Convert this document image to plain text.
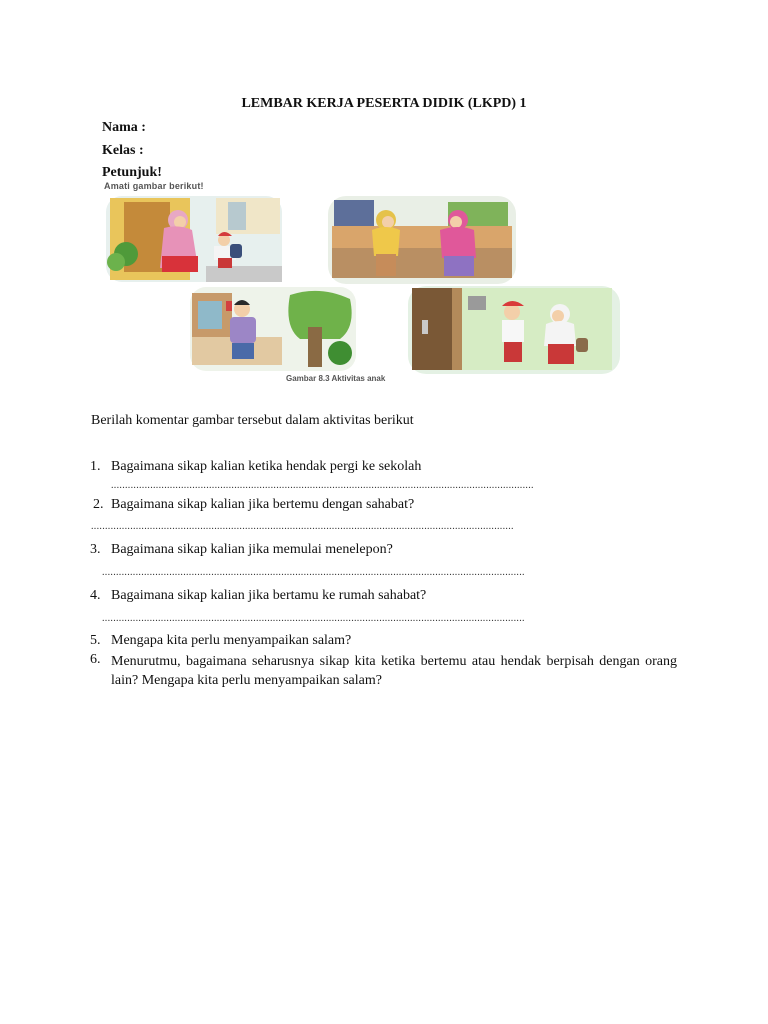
LEMBAR KERJA PESERTA DIDIK (LKPD) 1
Nama :
Kelas :
Petunjuk!
Amati gambar berikut!
Gambar 8.3 Aktivitas anak
Berilah komentar gambar tersebut dalam aktivitas berikut
1. Bagaimana sikap kalian ketika hendak pergi ke sekolah
.......................................................................................................................................................
2. Bagaimana sikap kalian jika bertemu dengan sahabat?
.......................................................................................................................................................
3. Bagaimana sikap kalian jika memulai menelepon?
.......................................................................................................................................................
4. Bagaimana sikap kalian jika bertamu ke rumah sahabat?
.......................................................................................................................................................
5. Mengapa kita perlu menyampaikan salam?
6. Menurutmu, bagaimana seharusnya sikap kita ketika bertemu atau hendak berpisah dengan orang lain? Mengapa kita perlu menyampaikan salam?
